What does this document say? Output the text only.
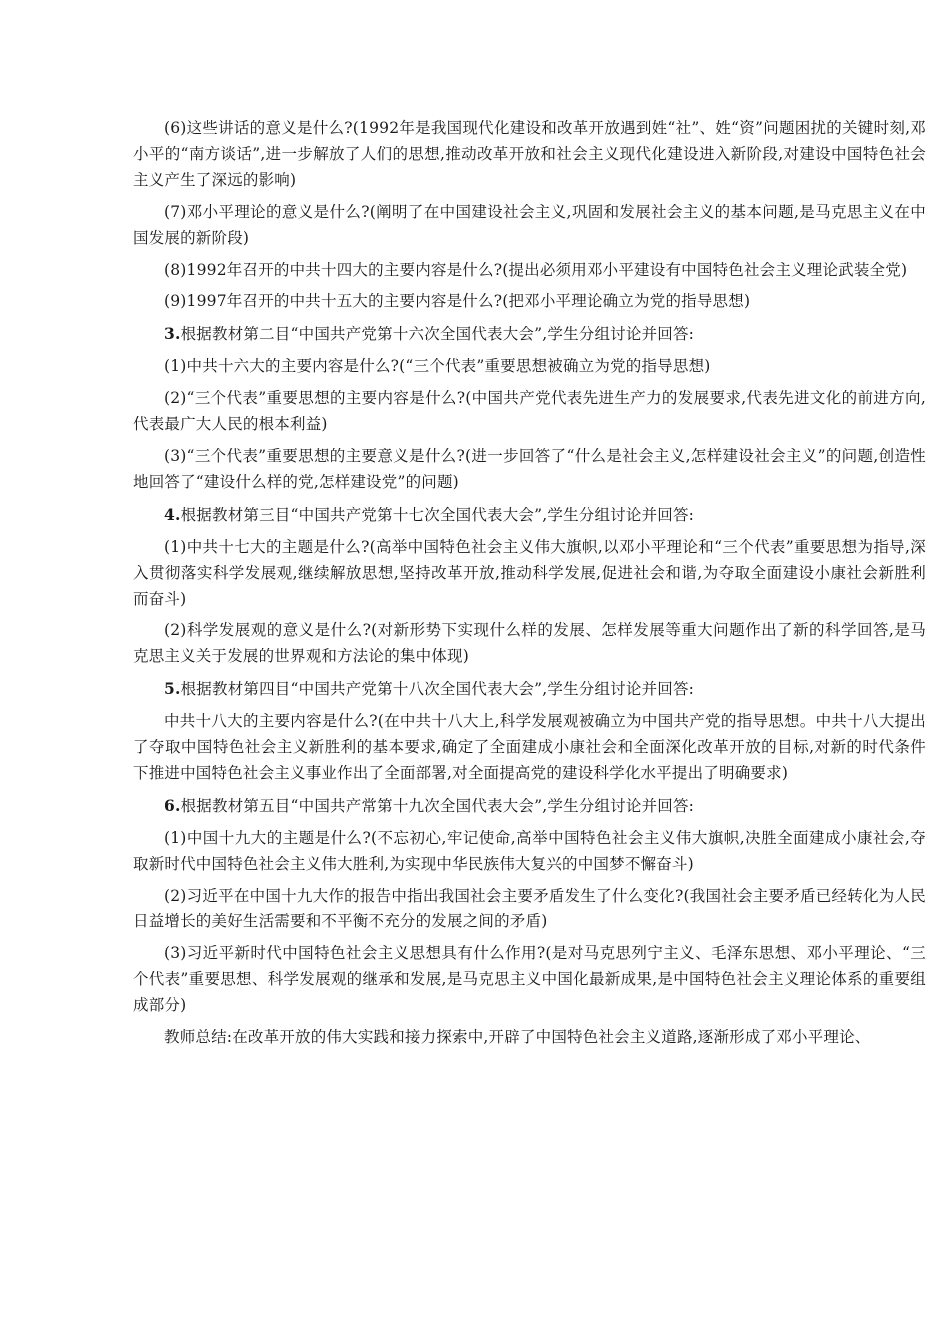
(6)这些讲话的意义是什么?(1992年是我国现代化建设和改革开放遇到姓“社”、姓“资”问题困扰的关键时刻,邓小平的“南方谈话”,进一步解放了人们的思想,推动改革开放和社会主义现代化建设进入新阶段,对建设中国特色社会主义产生了深远的影响)

(7)邓小平理论的意义是什么?(阐明了在中国建设社会主义,巩固和发展社会主义的基本问题,是马克思主义在中国发展的新阶段)

(8)1992年召开的中共十四大的主要内容是什么?(提出必须用邓小平建设有中国特色社会主义理论武装全党)

(9)1997年召开的中共十五大的主要内容是什么?(把邓小平理论确立为党的指导思想)

3.根据教材第二目“中国共产党第十六次全国代表大会”,学生分组讨论并回答:

(1)中共十六大的主要内容是什么?(“三个代表”重要思想被确立为党的指导思想)

(2)“三个代表”重要思想的主要内容是什么?(中国共产党代表先进生产力的发展要求,代表先进文化的前进方向,代表最广大人民的根本利益)

(3)“三个代表”重要思想的主要意义是什么?(进一步回答了“什么是社会主义,怎样建设社会主义”的问题,创造性地回答了“建设什么样的党,怎样建设党”的问题)

4.根据教材第三目“中国共产党第十七次全国代表大会”,学生分组讨论并回答:

(1)中共十七大的主题是什么?(高举中国特色社会主义伟大旗帜,以邓小平理论和“三个代表”重要思想为指导,深入贯彻落实科学发展观,继续解放思想,坚持改革开放,推动科学发展,促进社会和谐,为夺取全面建设小康社会新胜利而奋斗)

(2)科学发展观的意义是什么?(对新形势下实现什么样的发展、怎样发展等重大问题作出了新的科学回答,是马克思主义关于发展的世界观和方法论的集中体现)

5.根据教材第四目“中国共产党第十八次全国代表大会”,学生分组讨论并回答:

中共十八大的主要内容是什么?(在中共十八大上,科学发展观被确立为中国共产党的指导思想。中共十八大提出了夺取中国特色社会主义新胜利的基本要求,确定了全面建成小康社会和全面深化改革开放的目标,对新的时代条件下推进中国特色社会主义事业作出了全面部署,对全面提高党的建设科学化水平提出了明确要求)

6.根据教材第五目“中国共产常第十九次全国代表大会”,学生分组讨论并回答:

(1)中国十九大的主题是什么?(不忘初心,牢记使命,高举中国特色社会主义伟大旗帜,决胜全面建成小康社会,夺取新时代中国特色社会主义伟大胜利,为实现中华民族伟大复兴的中国梦不懈奋斗)

(2)习近平在中国十九大作的报告中指出我国社会主要矛盾发生了什么变化?(我国社会主要矛盾已经转化为人民日益增长的美好生活需要和不平衡不充分的发展之间的矛盾)

(3)习近平新时代中国特色社会主义思想具有什么作用?(是对马克思列宁主义、毛泽东思想、邓小平理论、“三个代表”重要思想、科学发展观的继承和发展,是马克思主义中国化最新成果,是中国特色社会主义理论体系的重要组成部分)

教师总结:在改革开放的伟大实践和接力探索中,开辟了中国特色社会主义道路,逐渐形成了邓小平理论、
